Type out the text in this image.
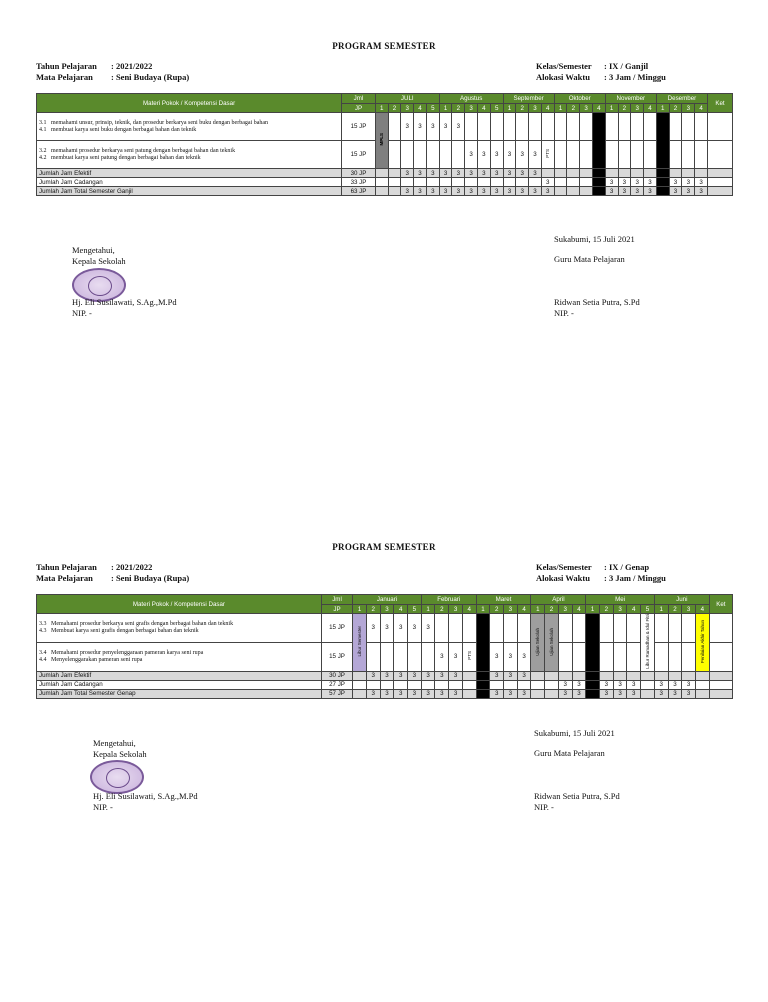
PROGRAM SEMESTER
Tahun Pelajaran	: 2021/2022
Mata Pelajaran	: Seni Budaya (Rupa)
Kelas/Semester	: IX / Ganjil
Alokasi Waktu	: 3 Jam / Minggu
Materi Pokok / Kompetensi Dasar	Jml	JULI					Agustus					September				Oktober				November				Desember				Ket
	JP	1	2	3	4	5	1	2	3	4	5	1	2	3	4	1	2	3	4	1	2	3	4	1	2	3	4	

3.1 memahami unsur, prinsip, teknik, dan prosedur berkarya seni buku dengan berbagai bahan
4.1 membuat karya seni buku dengan berbagai bahan dan teknik	15 JP	MPLS		3	3	3	3	3																				

3.2 memahami prosedur berkarya seni patung dengan berbagai bahan dan teknik
4.2 membuat karya seni patung dengan berbagai bahan dan teknik	15 JP								3	3	3	3	3	3	PTS													
Jumlah Jam Efektif	30 JP			3	3	3	3	3	3	3	3	3	3	3														
Jumlah Jam Cadangan	33 JP														3					3	3	3	3		3	3	3	
Jumlah Jam Total Semester Ganjil	63 JP			3	3	3	3	3	3	3	3	3	3	3	3					3	3	3	3		3	3	3	
Mengetahui,
Kepala Sekolah
Hj. Eli Susilawati, S.Ag.,M.Pd
NIP. -
Sukabumi, 15 Juli 2021
Guru Mata Pelajaran
Ridwan Setia Putra, S.Pd
NIP. -
PROGRAM SEMESTER
Tahun Pelajaran	: 2021/2022
Mata Pelajaran	: Seni Budaya (Rupa)
Kelas/Semester	: IX / Genap
Alokasi Waktu	: 3 Jam / Minggu
Materi Pokok / Kompetensi Dasar	Jml	Januari					Februari				Maret				April				Mei					Juni				Ket
	JP	1	2	3	4	5	1	2	3	4	1	2	3	4	1	2	3	4	1	2	3	4	5	1	2	3	4	

3.3 Memahami prosedur berkarya seni grafis dengan berbagai bahan dan teknik
4.3 Membuat karya seni grafis dengan berbagai bahan dan teknik	15 JP	Libur Semester	3	3	3	3	3								Ujian Sekolah	Ujian Sekolah							Libur Ramadhan & Idul Fitri				Penilaian Akhir Tahun	

3.4 Memahami prosedur penyelenggaraan pameran karya seni rupa
4.4 Menyelenggarakan pameran seni rupa	15 JP							3	3	PTS		3	3	3														
Jumlah Jam Efektif	30 JP		3	3	3	3	3	3	3			3	3	3														
Jumlah Jam Cadangan	27 JP																3	3		3	3	3		3	3	3		
Jumlah Jam Total Semester Genap	57 JP		3	3	3	3	3	3	3			3	3	3			3	3		3	3	3		3	3	3		
Mengetahui,
Kepala Sekolah
Hj. Eli Susilawati, S.Ag.,M.Pd
NIP. -
Sukabumi, 15 Juli 2021
Guru Mata Pelajaran
Ridwan Setia Putra, S.Pd
NIP. -
